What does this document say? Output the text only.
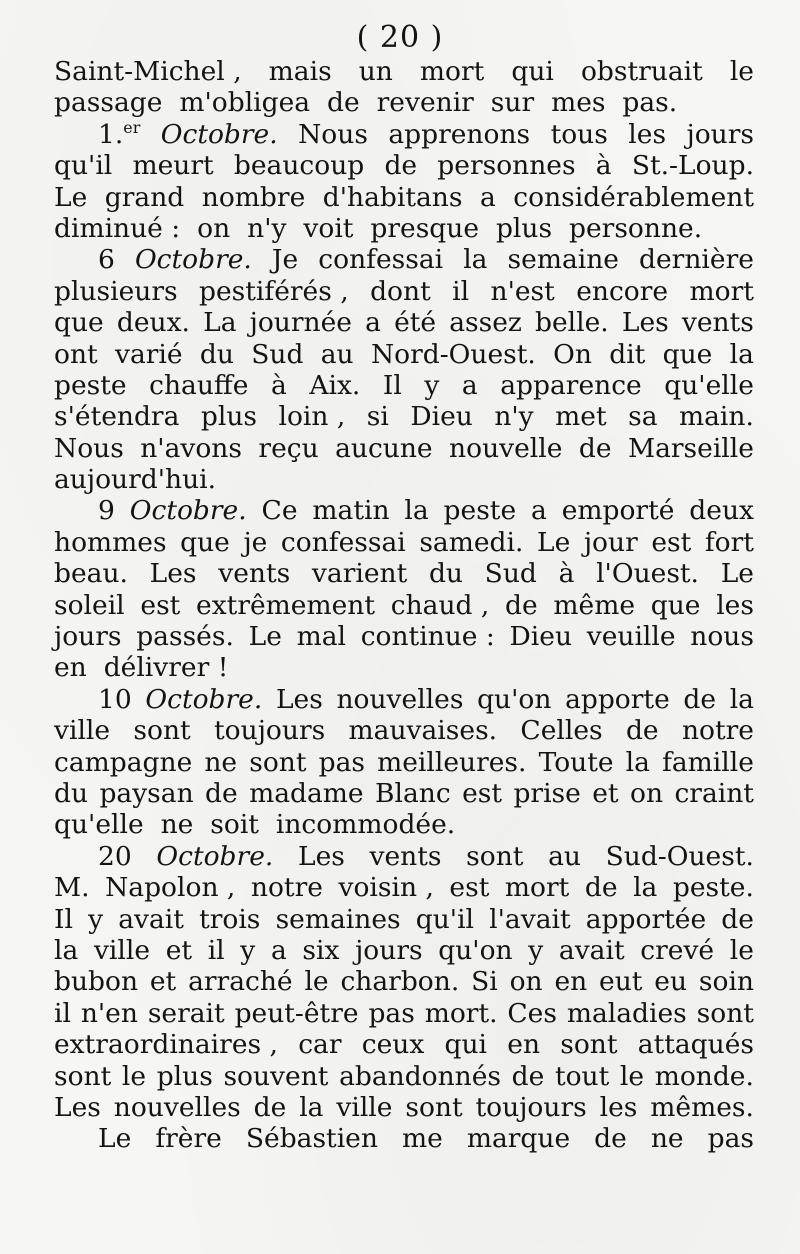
( 20 )
Saint-Michel , mais un mort qui obstruait le
passage m'obligea de revenir sur mes pas.
1.er Octobre. Nous apprenons tous les jours
qu'il meurt beaucoup de personnes à St.-Loup.
Le grand nombre d'habitans a considérablement
diminué : on n'y voit presque plus personne.
6 Octobre. Je confessai la semaine dernière
plusieurs pestiférés , dont il n'est encore mort
que deux. La journée a été assez belle. Les vents
ont varié du Sud au Nord-Ouest. On dit que la
peste chauffe à Aix. Il y a apparence qu'elle
s'étendra plus loin , si Dieu n'y met sa main.
Nous n'avons reçu aucune nouvelle de Marseille
aujourd'hui.
9 Octobre. Ce matin la peste a emporté deux
hommes que je confessai samedi. Le jour est fort
beau. Les vents varient du Sud à l'Ouest. Le
soleil est extrêmement chaud , de même que les
jours passés. Le mal continue : Dieu veuille nous
en délivrer !
10 Octobre. Les nouvelles qu'on apporte de la
ville sont toujours mauvaises. Celles de notre
campagne ne sont pas meilleures. Toute la famille
du paysan de madame Blanc est prise et on craint
qu'elle ne soit incommodée.
20 Octobre. Les vents sont au Sud-Ouest.
M. Napolon , notre voisin , est mort de la peste.
Il y avait trois semaines qu'il l'avait apportée de
la ville et il y a six jours qu'on y avait crevé le
bubon et arraché le charbon. Si on en eut eu soin
il n'en serait peut-être pas mort. Ces maladies sont
extraordinaires , car ceux qui en sont attaqués
sont le plus souvent abandonnés de tout le monde.
Les nouvelles de la ville sont toujours les mêmes.
Le frère Sébastien me marque de ne pas
